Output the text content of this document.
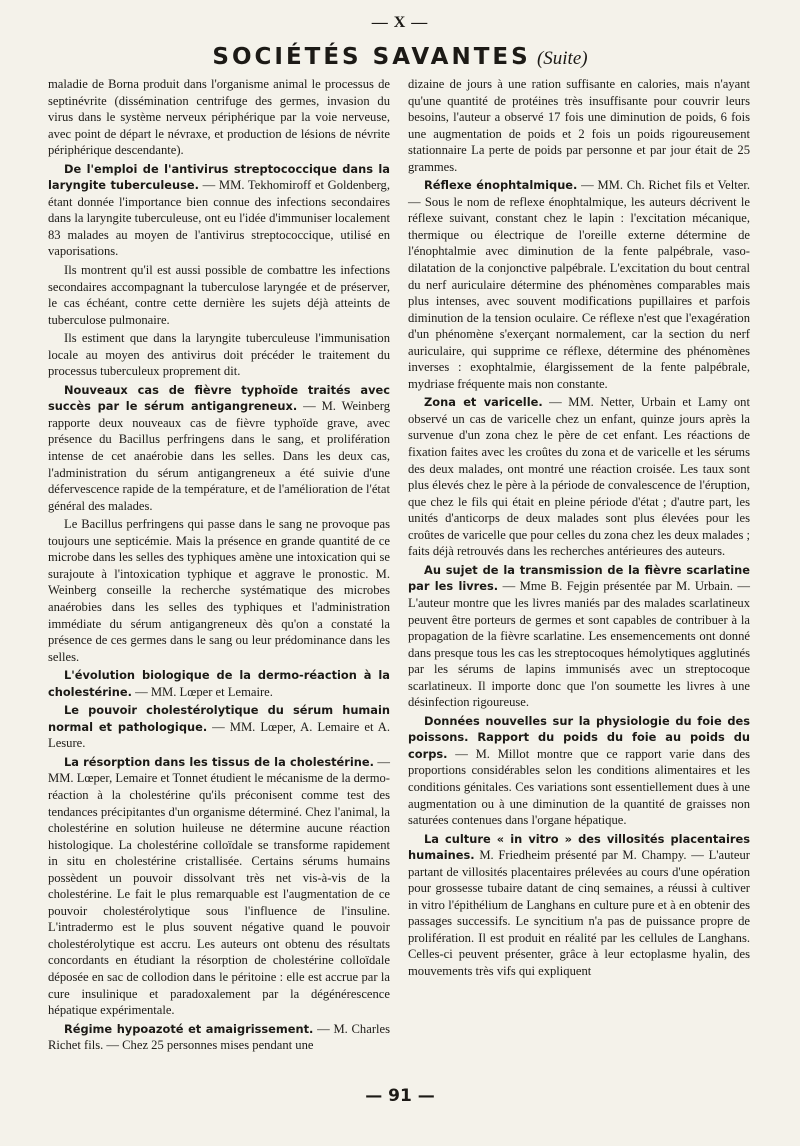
— X —
SOCIÉTÉS SAVANTES (Suite)

maladie de Borna produit dans l'organisme animal le processus de septinévrite (dissémination centrifuge des germes, invasion du virus dans le système nerveux périphérique par la voie nerveuse, avec point de départ le névraxe, et production de lésions de névrite périphérique descendante).

De l'emploi de l'antivirus streptococcique dans la laryngite tuberculeuse. — MM. Tekhomiroff et Goldenberg, étant donnée l'importance bien connue des infections secondaires dans la laryngite tuberculeuse, ont eu l'idée d'immuniser localement 83 malades au moyen de l'antivirus streptococcique, utilisé en vaporisations.

Ils montrent qu'il est aussi possible de combattre les infections secondaires accompagnant la tuberculose laryngée et de préserver, le cas échéant, contre cette dernière les sujets déjà atteints de tuberculose pulmonaire.

Ils estiment que dans la laryngite tuberculeuse l'immunisation locale au moyen des antivirus doit précéder le traitement du processus tuberculeux proprement dit.

Nouveaux cas de fièvre typhoïde traités avec succès par le sérum antigangreneux. — M. Weinberg rapporte deux nouveaux cas de fièvre typhoïde grave, avec présence du Bacillus perfringens dans le sang, et prolifération intense de cet anaérobie dans les selles. Dans les deux cas, l'administration du sérum antigangreneux a été suivie d'une défervescence rapide de la température, et de l'amélioration de l'état général des malades.

Le Bacillus perfringens qui passe dans le sang ne provoque pas toujours une septicémie. Mais la présence en grande quantité de ce microbe dans les selles des typhiques amène une intoxication qui se surajoute à l'intoxication typhique et aggrave le pronostic. M. Weinberg conseille la recherche systématique des microbes anaérobies dans les selles des typhiques et l'administration immédiate du sérum antigangreneux dès qu'on a constaté la présence de ces germes dans le sang ou leur prédominance dans les selles.

L'évolution biologique de la dermo-réaction à la cholestérine. — MM. Lœper et Lemaire.

Le pouvoir cholestérolytique du sérum humain normal et pathologique. — MM. Lœper, A. Lemaire et A. Lesure.

La résorption dans les tissus de la cholestérine. — MM. Lœper, Lemaire et Tonnet étudient le mécanisme de la dermo-réaction à la cholestérine qu'ils préconisent comme test des tendances précipitantes d'un organisme déterminé. Chez l'animal, la cholestérine en solution huileuse ne détermine aucune réaction histologique. La cholestérine colloïdale se transforme rapidement in situ en cholestérine cristallisée. Certains sérums humains possèdent un pouvoir dissolvant très net vis-à-vis de la cholestérine. Le fait le plus remarquable est l'augmentation de ce pouvoir cholestérolytique sous l'influence de l'insuline. L'intradermo est le plus souvent négative quand le pouvoir cholestérolytique est accru. Les auteurs ont obtenu des résultats concordants en étudiant la résorption de cholestérine colloïdale déposée en sac de collodion dans le péritoine : elle est accrue par la cure insulinique et paradoxalement par la dégénérescence hépatique expérimentale.

Régime hypoazoté et amaigrissement. — M. Charles Richet fils. — Chez 25 personnes mises pendant une

dizaine de jours à une ration suffisante en calories, mais n'ayant qu'une quantité de protéines très insuffisante pour couvrir leurs besoins, l'auteur a observé 17 fois une diminution de poids, 6 fois une augmentation de poids et 2 fois un poids rigoureusement stationnaire La perte de poids par personne et par jour était de 25 grammes.

Réflexe énophtalmique. — MM. Ch. Richet fils et Velter. — Sous le nom de reflexe énophtalmique, les auteurs décrivent le réflexe suivant, constant chez le lapin : l'excitation mécanique, thermique ou électrique de l'oreille externe détermine de l'énophtalmie avec diminution de la fente palpébrale, vaso-dilatation de la conjonctive palpébrale. L'excitation du bout central du nerf auriculaire détermine des phénomènes comparables mais plus intenses, avec souvent modifications pupillaires et parfois diminution de la tension oculaire. Ce réflexe n'est que l'exagération d'un phénomène s'exerçant normalement, car la section du nerf auriculaire, qui supprime ce réflexe, détermine des phénomènes inverses : exophtalmie, élargissement de la fente palpébrale, mydriase fréquente mais non constante.

Zona et varicelle. — MM. Netter, Urbain et Lamy ont observé un cas de varicelle chez un enfant, quinze jours après la survenue d'un zona chez le père de cet enfant. Les réactions de fixation faites avec les croûtes du zona et de varicelle et les sérums des deux malades, ont montré une réaction croisée. Les taux sont plus élevés chez le père à la période de convalescence de l'éruption, que chez le fils qui était en pleine période d'état ; d'autre part, les unités d'anticorps de deux malades sont plus élevées pour les croûtes de varicelle que pour celles du zona chez les deux malades ; faits déjà retrouvés dans les recherches antérieures des auteurs.

Au sujet de la transmission de la fièvre scarlatine par les livres. — Mme B. Fejgin présentée par M. Urbain. — L'auteur montre que les livres maniés par des malades scarlatineux peuvent être porteurs de germes et sont capables de contribuer à la propagation de la fièvre scarlatine. Les ensemencements ont donné dans presque tous les cas les streptocoques hémolytiques agglutinés par les sérums de lapins immunisés avec un streptocoque scarlatineux. Il importe donc que l'on soumette les livres à une désinfection rigoureuse.

Données nouvelles sur la physiologie du foie des poissons. Rapport du poids du foie au poids du corps. — M. Millot montre que ce rapport varie dans des proportions considérables selon les conditions alimentaires et les conditions génitales. Ces variations sont essentiellement dues à une augmentation ou à une diminution de la quantité de graisses non saturées contenues dans l'organe hépatique.

La culture « in vitro » des villosités placentaires humaines. M. Friedheim présenté par M. Champy. — L'auteur partant de villosités placentaires prélevées au cours d'une opération pour grossesse tubaire datant de cinq semaines, a réussi à cultiver in vitro l'épithélium de Langhans en culture pure et à en obtenir des passages successifs. Le syncitium n'a pas de puissance propre de prolifération. Il est produit en réalité par les cellules de Langhans. Celles-ci peuvent présenter, grâce à leur ectoplasme hyalin, des mouvements très vifs qui expliquent

— 91 —
